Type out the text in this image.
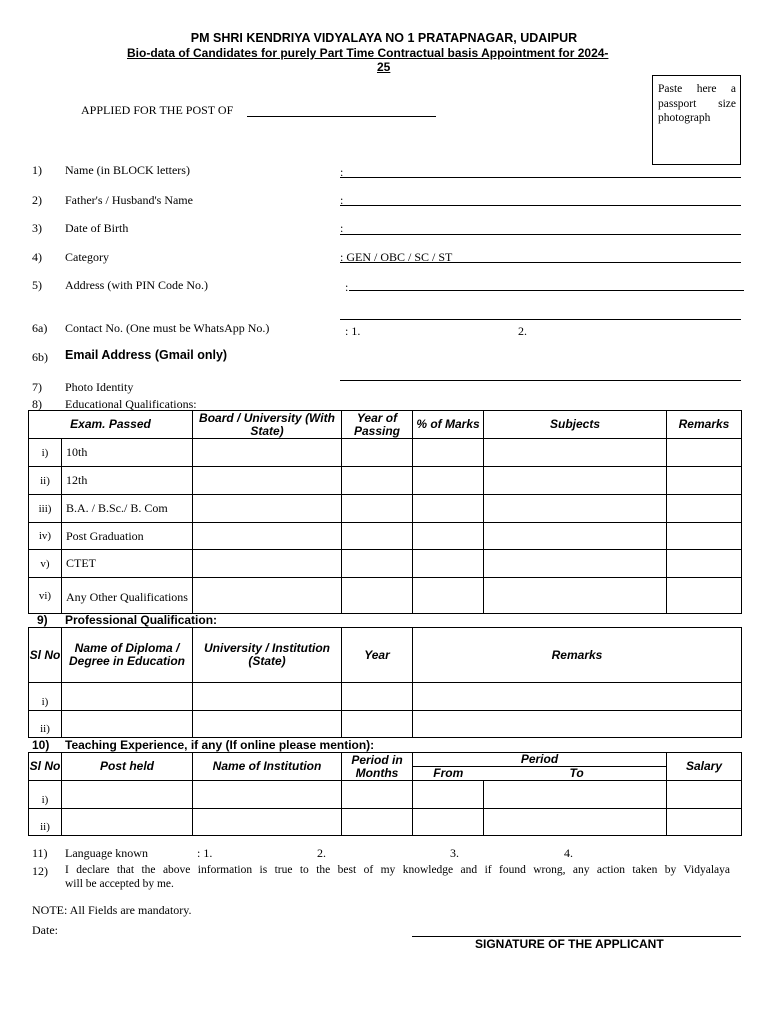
PM SHRI KENDRIYA VIDYALAYA NO 1 PRATAPNAGAR, UDAIPUR
Bio-data of Candidates for purely Part Time Contractual basis Appointment for 2024-
25
APPLIED FOR THE POST OF
Paste here a
passport size
photograph
1) Name (in BLOCK letters)	:
2) Father's / Husband's Name	:
3) Date of Birth	:
4) Category	: GEN / OBC / SC / ST
5) Address (with PIN Code No.)	:
6a) Contact No. (One must be WhatsApp No.)	: 1.	2.
6b) Email Address (Gmail only)
7) Photo Identity
8) Educational Qualifications:
Exam. Passed		Board / University (With State)	Year of Passing	% of Marks	Subjects	Remarks
i)	10th					
ii)	12th					
iii)	B.A. / B.Sc./ B. Com					
iv)	Post Graduation					
v)	CTET					
vi)	Any Other Qualifications					
9) Professional Qualification:
Sl No	Name of Diploma / Degree in Education	University / Institution (State)	Year	Remarks
i)				
ii)				
10) Teaching Experience, if any (If online please mention):
Sl No	Post held	Name of Institution	Period in Months	Period		Salary
				From	To	
i)						
ii)						
11) Language known	: 1.	2.	3.	4.
12) I declare that the above information is true to the best of my knowledge and if found wrong, any action taken by Vidyalaya
will be accepted by me.
NOTE: All Fields are mandatory.
Date:
SIGNATURE OF THE APPLICANT
